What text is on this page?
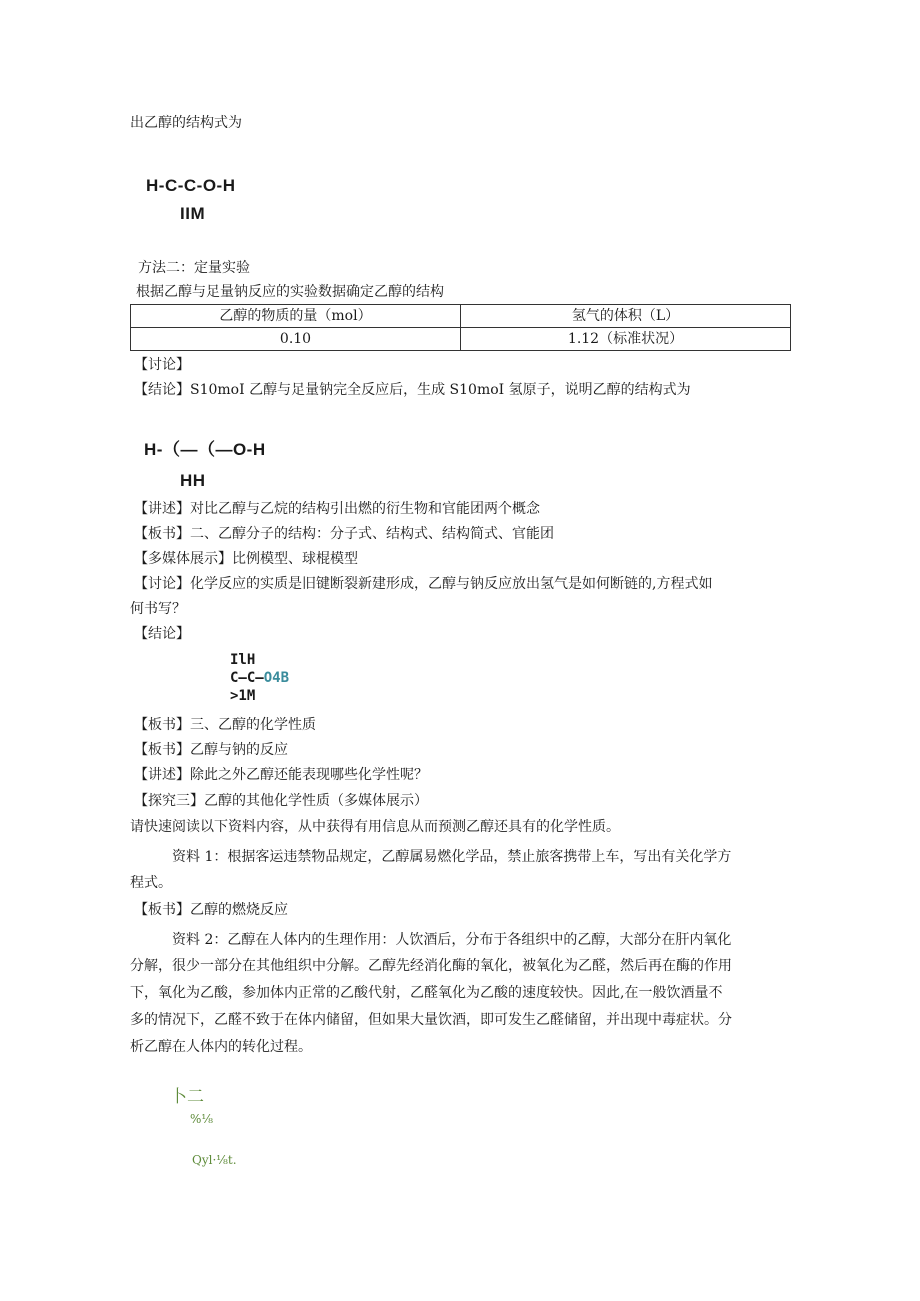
出乙醇的结构式为
H-C-C-O-H
IIM
方法二：定量实验
根据乙醇与足量钠反应的实验数据确定乙醇的结构
乙醇的物质的量（mol）	氢气的体积（L）
0.10	1.12（标准状况）
【讨论】
【结论】S10moI 乙醇与足量钠完全反应后，生成 S10moI 氢原子，说明乙醇的结构式为
H-（—（—O-H
HH
【讲述】对比乙醇与乙烷的结构引出燃的衍生物和官能团两个概念
【板书】二、乙醇分子的结构：分子式、结构式、结构简式、官能团
【多媒体展示】比例模型、球棍模型
【讨论】化学反应的实质是旧键断裂新建形成，乙醇与钠反应放出氢气是如何断链的,方程式如
何书写？
【结论】
IlH
C—C—O4B
>1M
【板书】三、乙醇的化学性质
【板书】乙醇与钠的反应
【讲述】除此之外乙醇还能表现哪些化学性呢？
【探究三】乙醇的其他化学性质（多媒体展示）
请快速阅读以下资料内容，从中获得有用信息从而预测乙醇还具有的化学性质。
资料 1：根据客运违禁物品规定，乙醇属易燃化学品，禁止旅客携带上车，写出有关化学方
程式。
【板书】乙醇的燃烧反应
资料 2：乙醇在人体内的生理作用：人饮酒后，分布于各组织中的乙醇，大部分在肝内氧化
分解，很少一部分在其他组织中分解。乙醇先经消化酶的氧化，被氧化为乙醛，然后再在酶的作用
下，氧化为乙酸，参加体内正常的乙酸代射，乙醛氧化为乙酸的速度较快。因此,在一般饮酒量不
多的情况下，乙醛不致于在体内储留，但如果大量饮酒，即可发生乙醛储留，并出现中毒症状。分
析乙醇在人体内的转化过程。
卜二
%⅛
Qyl·⅛t.
